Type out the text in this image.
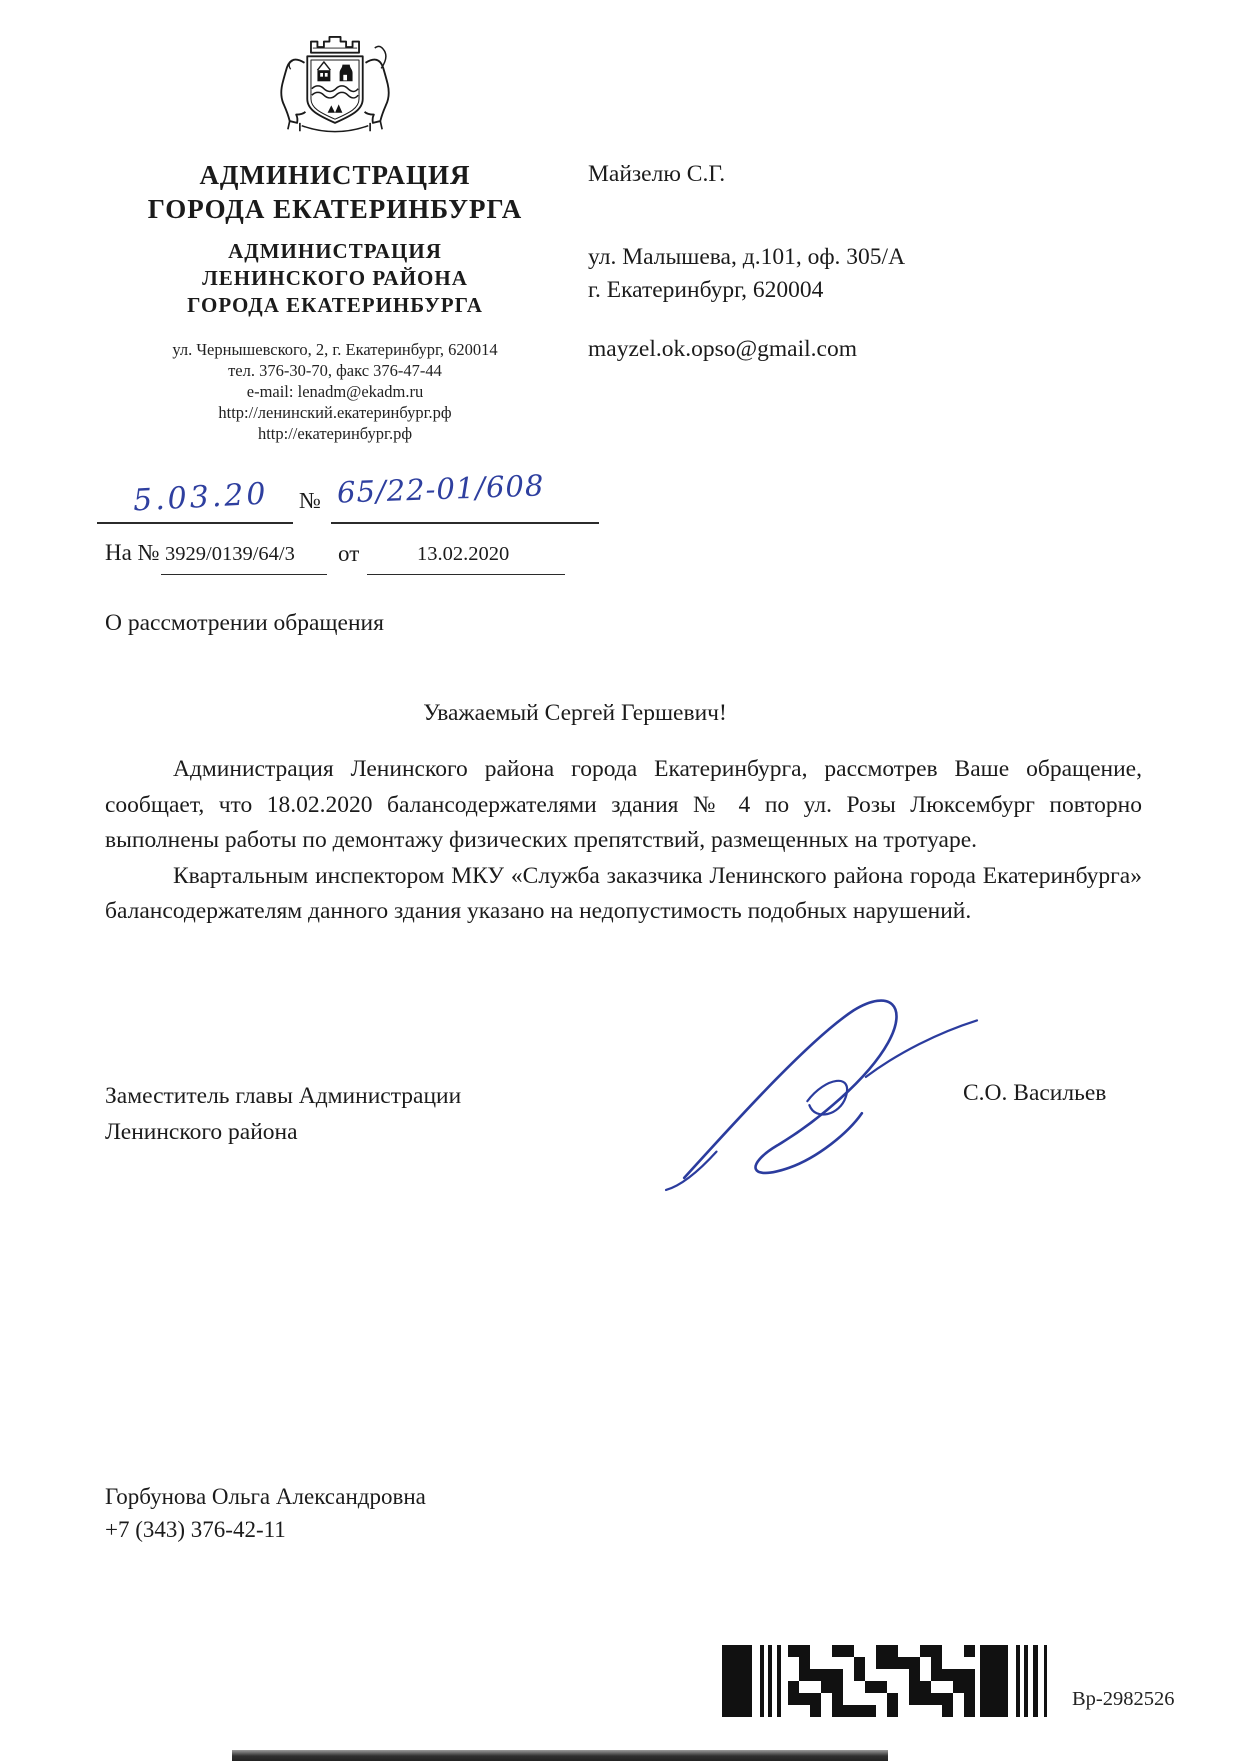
АДМИНИСТРАЦИЯ
ГОРОДА ЕКАТЕРИНБУРГА
АДМИНИСТРАЦИЯ
ЛЕНИНСКОГО РАЙОНА
ГОРОДА ЕКАТЕРИНБУРГА
ул. Чернышевского, 2, г. Екатеринбург, 620014
тел. 376-30-70, факс 376-47-44
e-mail: lenadm@ekadm.ru
http://ленинский.екатеринбург.рф
http://екатеринбург.рф
Майзелю С.Г.
ул. Малышева, д.101, оф. 305/А
г. Екатеринбург, 620004
mayzel.ok.opso@gmail.com
5.03.20 № 65/22-01/608
На № 3929/0139/64/3 от	13.02.2020
О рассмотрении обращения
Уважаемый Сергей Гершевич!

Администрация Ленинского района города Екатеринбурга, рассмотрев Ваше обращение, сообщает, что 18.02.2020 балансодержателями здания № 4 по ул. Розы Люксембург повторно выполнены работы по демонтажу физических препятствий, размещенных на тротуаре.

Квартальным инспектором МКУ «Служба заказчика Ленинского района города Екатеринбурга» балансодержателям данного здания указано на недопустимость подобных нарушений.

Заместитель главы Администрации
Ленинского района
С.О. Васильев
Горбунова Ольга Александровна
+7 (343) 376-42-11
Вр-2982526
